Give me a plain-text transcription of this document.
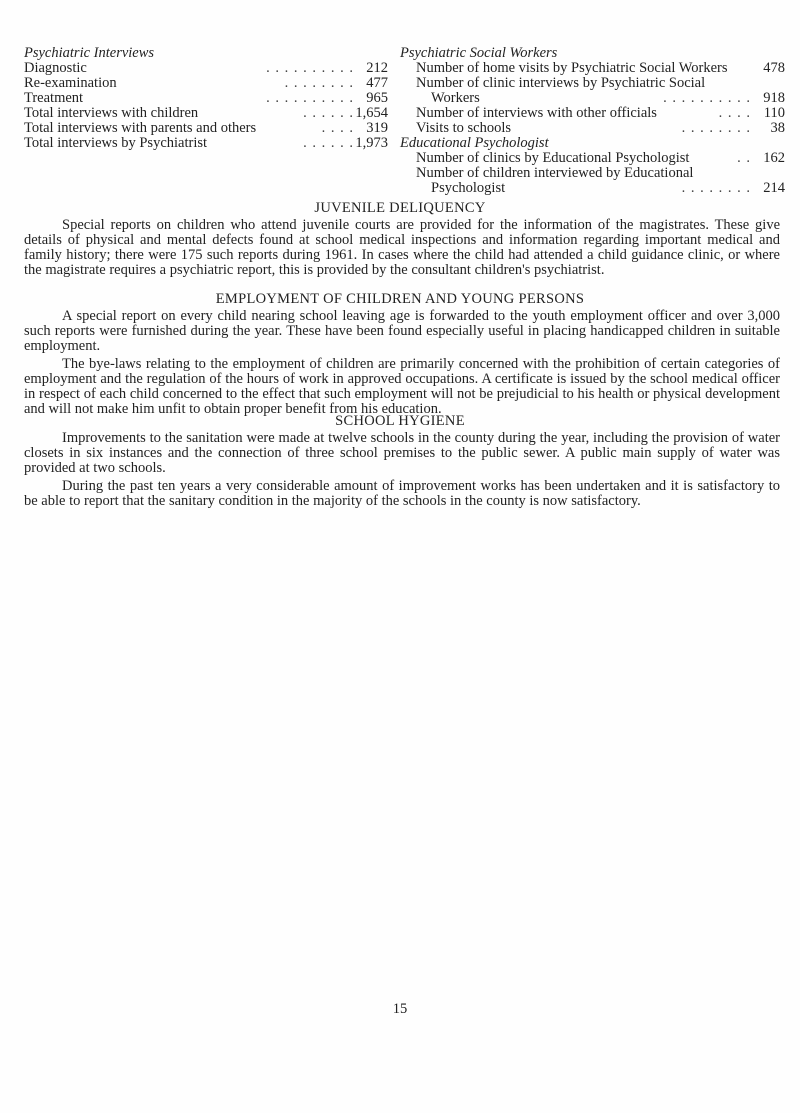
Psychiatric Interviews

Diagnostic	. . . . . . . . . . 212
Re-examination	. . . . . . . . 477
Treatment	. . . . . . . . . . 965
Total interviews with children	. . . . . . 1,654
Total interviews with parents and others	. . . . 319
Total interviews by Psychiatrist	. . . . . . 1,973

Psychiatric Social Workers

Number of home visits by Psychiatric Social Workers	478
Number of clinic interviews by Psychiatric Social
Workers	. . . . . . . . . . 918
Number of interviews with other officials	. . . . 110
Visits to schools	. . . . . . . .	38

Educational Psychologist

Number of clinics by Educational Psychologist	. . 162
Number of children interviewed by Educational
Psychologist	. . . . . . . . 214
JUVENILE DELIQUENCY

Special reports on children who attend juvenile courts are provided for the information of the magistrates. These give details of physical and mental defects found at school medical inspections and information regarding important medical and family history; there were 175 such reports during 1961. In cases where the child had attended a child guidance clinic, or where the magistrate requires a psychiatric report, this is provided by the consultant children's psychiatrist.

EMPLOYMENT OF CHILDREN AND YOUNG PERSONS

A special report on every child nearing school leaving age is forwarded to the youth employment officer and over 3,000 such reports were furnished during the year. These have been found especially useful in placing handicapped children in suitable employment.

The bye-laws relating to the employment of children are primarily concerned with the prohibition of certain categories of employment and the regulation of the hours of work in approved occupations. A certificate is issued by the school medical officer in respect of each child concerned to the effect that such employment will not be prejudicial to his health or physical development and will not make him unfit to obtain proper benefit from his education.

SCHOOL HYGIENE

Improvements to the sanitation were made at twelve schools in the county during the year, including the provision of water closets in six instances and the connection of three school premises to the public sewer. A public main supply of water was provided at two schools.

During the past ten years a very considerable amount of improvement works has been undertaken and it is satisfactory to be able to report that the sanitary condition in the majority of the schools in the county is now satisfactory.

15
